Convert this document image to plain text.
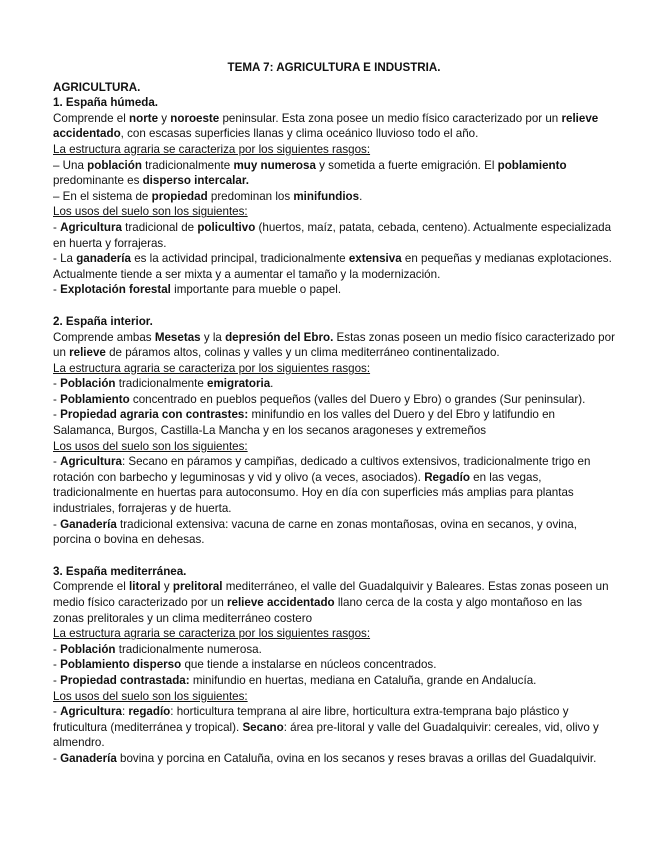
TEMA 7: AGRICULTURA E INDUSTRIA.

AGRICULTURA.

1. España húmeda.

Comprende el norte y noroeste peninsular. Esta zona posee un medio físico caracterizado por un relieve accidentado, con escasas superficies llanas y clima oceánico lluvioso todo el año.

La estructura agraria se caracteriza por los siguientes rasgos:

– Una población tradicionalmente muy numerosa y sometida a fuerte emigración. El poblamiento predominante es disperso intercalar.

– En el sistema de propiedad predominan los minifundios.

Los usos del suelo son los siguientes:

- Agricultura tradicional de policultivo (huertos, maíz, patata, cebada, centeno). Actualmente especializada en huerta y forrajeras.

- La ganadería es la actividad principal, tradicionalmente extensiva en pequeñas y medianas explotaciones. Actualmente tiende a ser mixta y a aumentar el tamaño y la modernización.

- Explotación forestal importante para mueble o papel.

2. España interior.

Comprende ambas Mesetas y la depresión del Ebro. Estas zonas poseen un medio físico caracterizado por un relieve de páramos altos, colinas y valles y un clima mediterráneo continentalizado.

La estructura agraria se caracteriza por los siguientes rasgos:

- Población tradicionalmente emigratoria.

- Poblamiento concentrado en pueblos pequeños (valles del Duero y Ebro) o grandes (Sur peninsular).

- Propiedad agraria con contrastes: minifundio en los valles del Duero y del Ebro y latifundio en Salamanca, Burgos, Castilla-La Mancha y en los secanos aragoneses y extremeños

Los usos del suelo son los siguientes:

- Agricultura: Secano en páramos y campiñas, dedicado a cultivos extensivos, tradicionalmente trigo en rotación con barbecho y leguminosas y vid y olivo (a veces, asociados). Regadío en las vegas, tradicionalmente en huertas para autoconsumo. Hoy en día con superficies más amplias para plantas industriales, forrajeras y de huerta.

- Ganadería tradicional extensiva: vacuna de carne en zonas montañosas, ovina en secanos, y ovina, porcina o bovina en dehesas.

3. España mediterránea.

Comprende el litoral y prelitoral mediterráneo, el valle del Guadalquivir y Baleares. Estas zonas poseen un medio físico caracterizado por un relieve accidentado llano cerca de la costa y algo montañoso en las zonas prelitorales y un clima mediterráneo costero

La estructura agraria se caracteriza por los siguientes rasgos:

- Población tradicionalmente numerosa.

- Poblamiento disperso que tiende a instalarse en núcleos concentrados.

- Propiedad contrastada: minifundio en huertas, mediana en Cataluña, grande en Andalucía.

Los usos del suelo son los siguientes:

- Agricultura: regadío: horticultura temprana al aire libre, horticultura extra-temprana bajo plástico y fruticultura (mediterránea y tropical). Secano: área pre-litoral y valle del Guadalquivir: cereales, vid, olivo y almendro.

- Ganadería bovina y porcina en Cataluña, ovina en los secanos y reses bravas a orillas del Guadalquivir.
